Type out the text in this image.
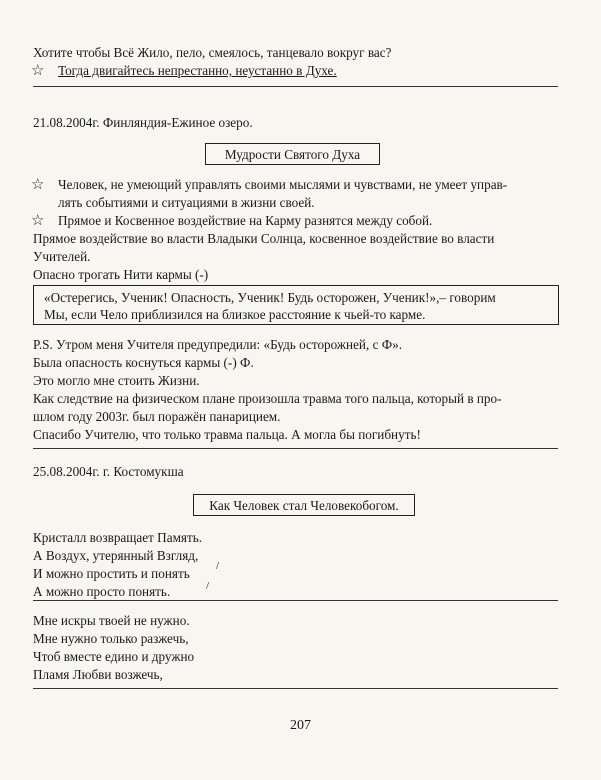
Хотите чтобы Всё Жило, пело, смеялось, танцевало вокруг вас?
☆ Тогда двигайтесь непрестанно, неустанно в Духе.
21.08.2004г. Финляндия-Ежиное озеро.
Мудрости Святого Духа
☆ Человек, не умеющий управлять своими мыслями и чувствами, не умеет управ-
лять событиями и ситуациями в жизни своей.
☆ Прямое и Косвенное воздействие на Карму разнятся между собой.
Прямое воздействие во власти Владыки Солнца, косвенное воздействие во власти
Учителей.
Опасно трогать Нити кармы (-)
«Остерегись, Ученик! Опасность, Ученик! Будь осторожен, Ученик!»,– говорим
Мы, если Чело приблизился на близкое расстояние к чьей-то карме.
P.S. Утром меня Учителя предупредили: «Будь осторожней, с Ф».
Была опасность коснуться кармы (-) Ф.
Это могло мне стоить Жизни.
Как следствие на физическом плане произошла травма того пальца, который в про-
шлом году 2003г. был поражён панарицием.
Спасибо Учителю, что только травма пальца. А могла бы погибнуть!
25.08.2004г. г. Костомукша
Как Человек стал Человекобогом.
Кристалл возвращает Память.
А Воздух, утерянный Взгляд,
И можно простить и понять /
А можно просто понять.	/
Мне искры твоей не нужно.
Мне нужно только разжечь,
Чтоб вместе едино и дружно
Пламя Любви возжечь,
207
